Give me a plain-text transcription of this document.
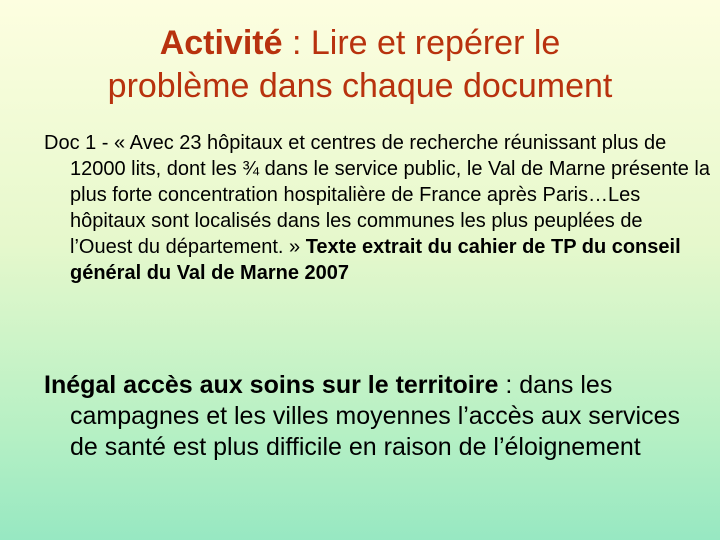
Activité : Lire et repérer le
problème dans chaque document
Doc 1 - « Avec 23 hôpitaux et centres de recherche réunissant plus de 12000 lits, dont les ¾ dans le service public, le Val de Marne présente la plus forte concentration hospitalière de France après Paris…Les hôpitaux sont localisés dans les communes les plus peuplées de l’Ouest du département. » Texte extrait du cahier de TP du conseil général du Val de Marne 2007
Inégal accès aux soins sur le territoire : dans les campagnes et les villes moyennes l’accès aux services de santé est plus difficile en raison de l’éloignement
